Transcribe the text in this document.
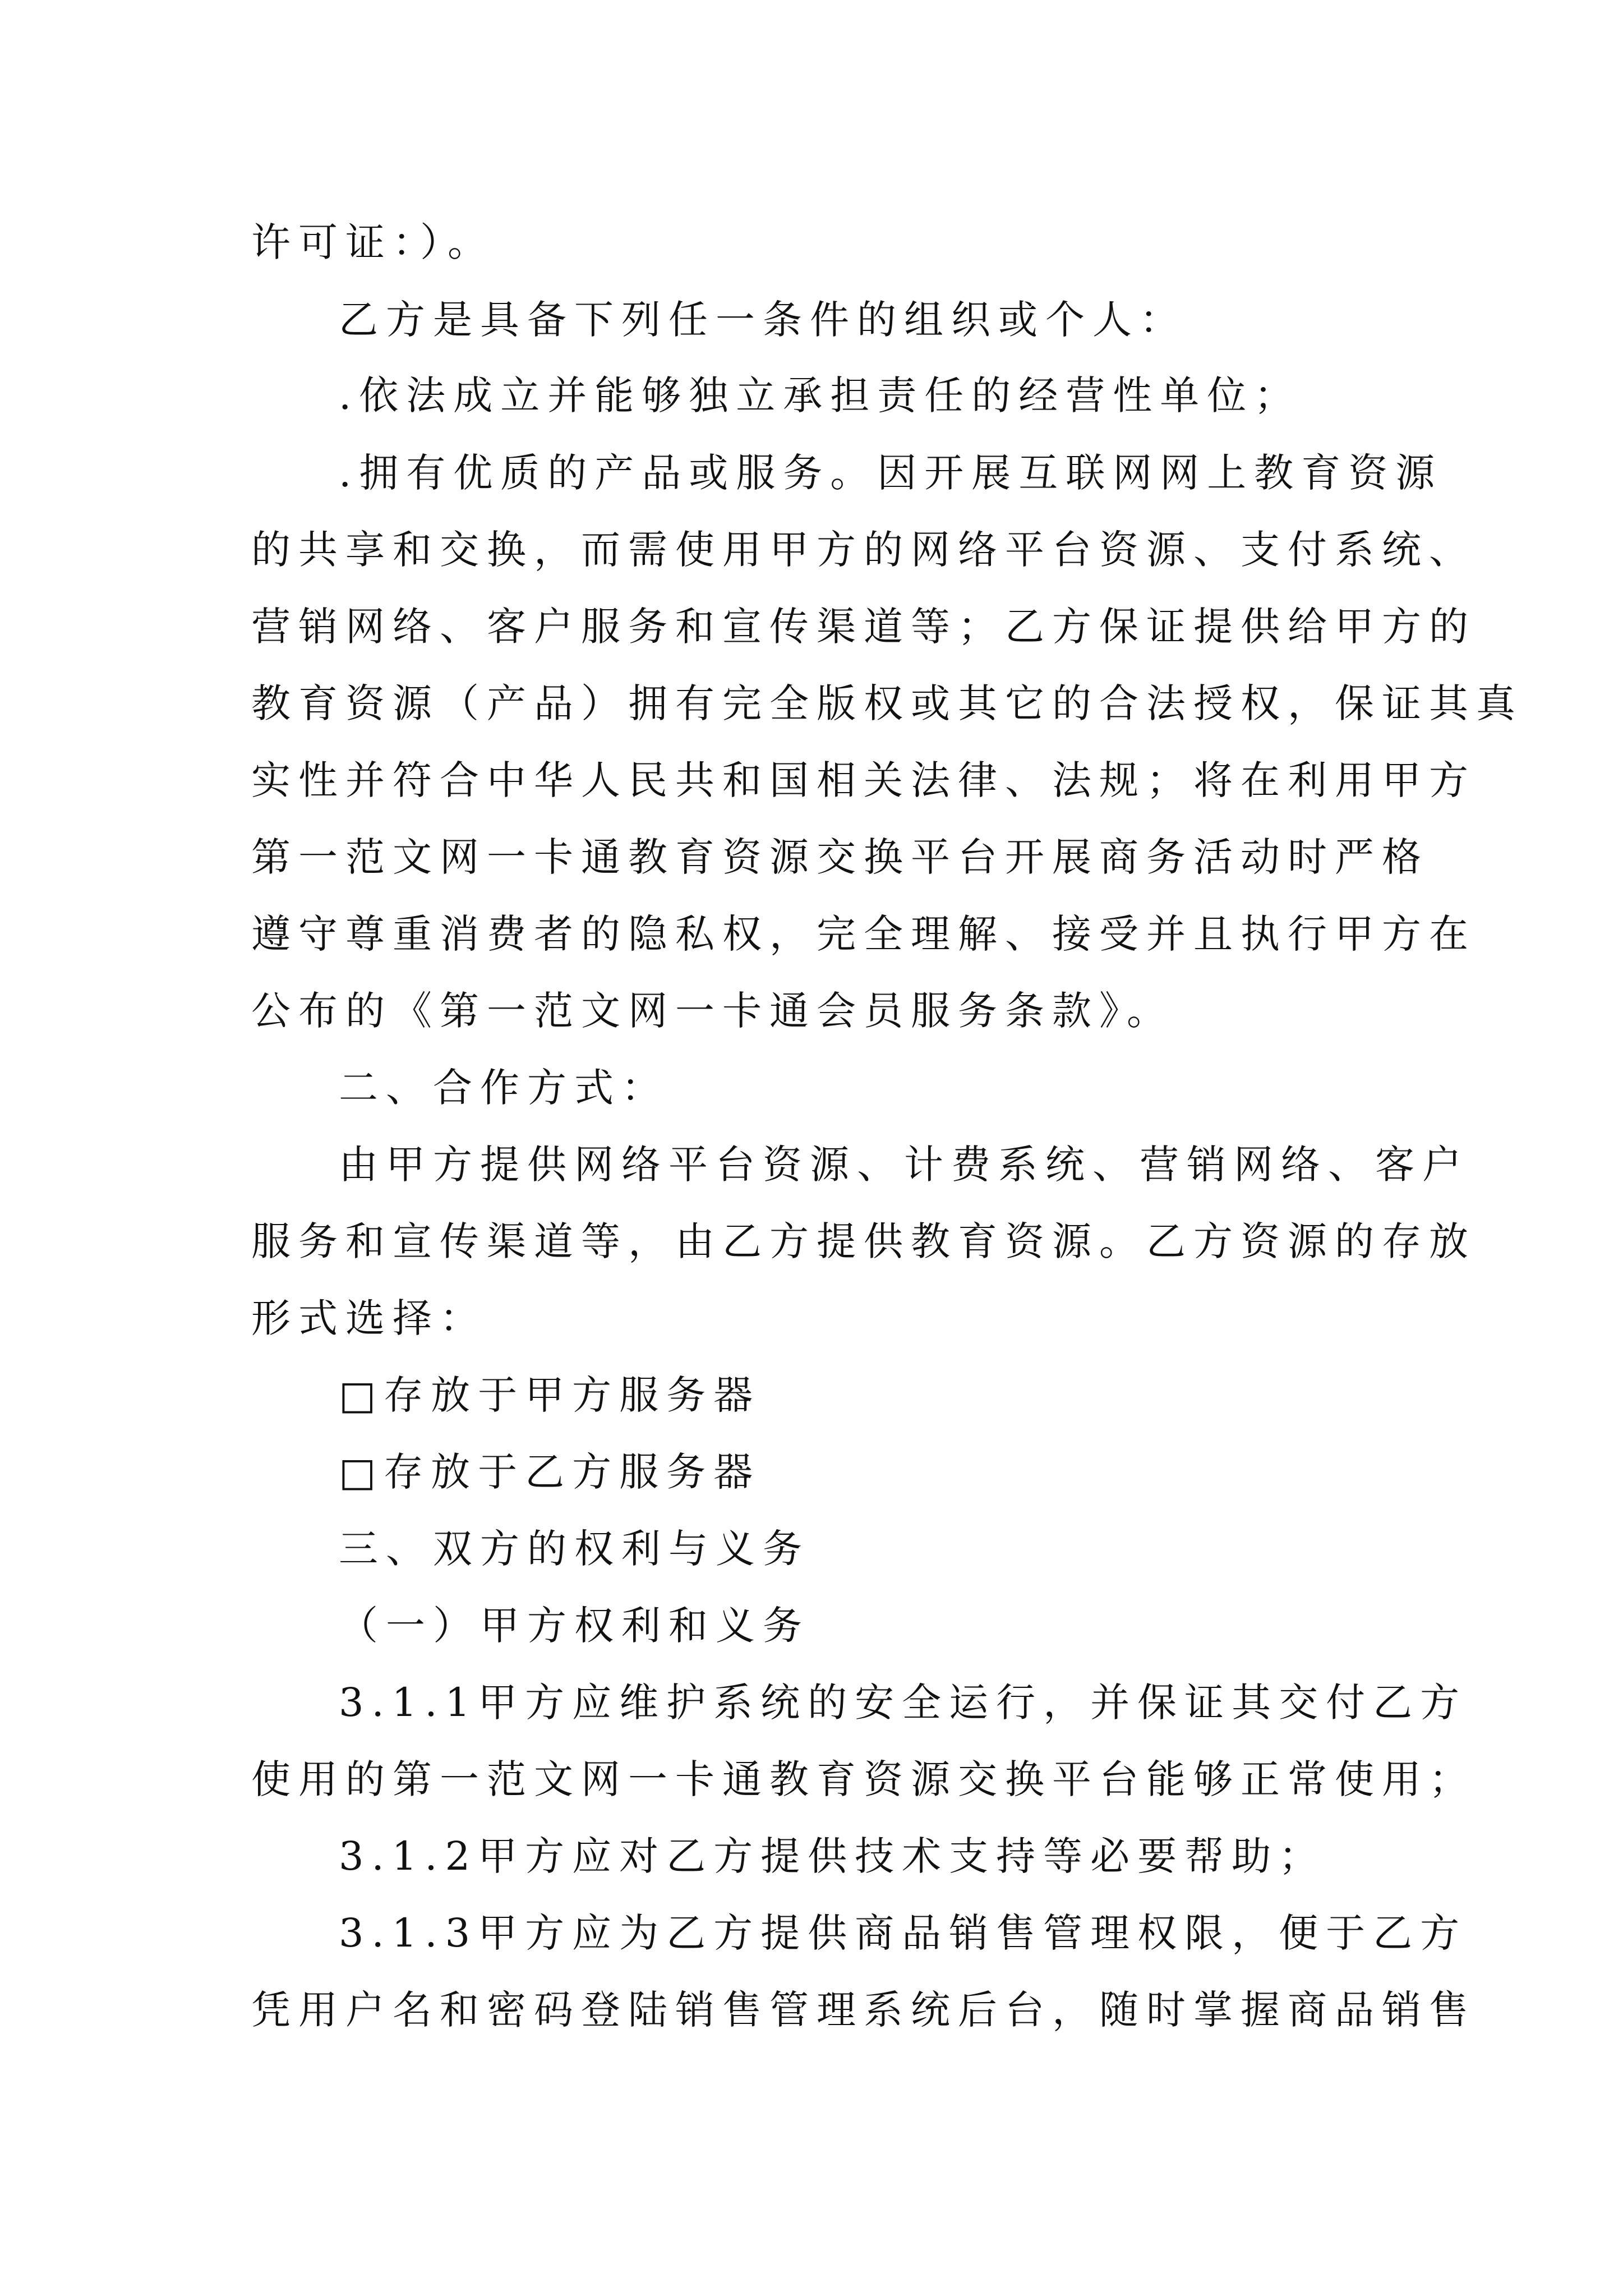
许可证：）。
乙方是具备下列任一条件的组织或个人：
.依法成立并能够独立承担责任的经营性单位；
.拥有优质的产品或服务。因开展互联网网上教育资源
的共享和交换，而需使用甲方的网络平台资源、支付系统、
营销网络、客户服务和宣传渠道等；乙方保证提供给甲方的
教育资源（产品）拥有完全版权或其它的合法授权，保证其真
实性并符合中华人民共和国相关法律、法规；将在利用甲方
第一范文网一卡通教育资源交换平台开展商务活动时严格
遵守尊重消费者的隐私权，完全理解、接受并且执行甲方在
公布的《第一范文网一卡通会员服务条款》。
二、合作方式：
由甲方提供网络平台资源、计费系统、营销网络、客户
服务和宣传渠道等，由乙方提供教育资源。乙方资源的存放
形式选择：
□存放于甲方服务器
□存放于乙方服务器
三、双方的权利与义务
（一）甲方权利和义务
3.1.1甲方应维护系统的安全运行，并保证其交付乙方
使用的第一范文网一卡通教育资源交换平台能够正常使用；
3.1.2甲方应对乙方提供技术支持等必要帮助；
3.1.3甲方应为乙方提供商品销售管理权限，便于乙方
凭用户名和密码登陆销售管理系统后台，随时掌握商品销售
